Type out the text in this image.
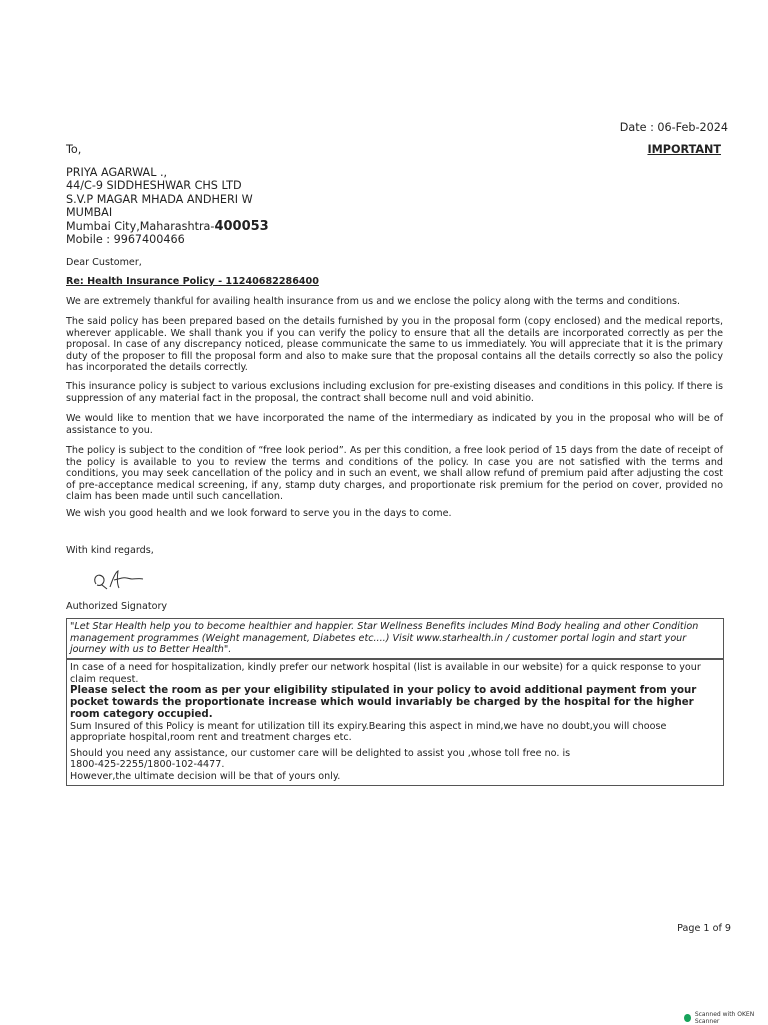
Date : 06-Feb-2024
IMPORTANT
To,
PRIYA AGARWAL .,
44/C-9 SIDDHESHWAR CHS LTD
S.V.P MAGAR MHADA ANDHERI W
MUMBAI
Mumbai City,Maharashtra-400053
Mobile : 9967400466
Dear Customer,
Re: Health Insurance Policy - 11240682286400
We are extremely thankful for availing health insurance from us and we enclose the policy along with the terms and conditions.
The said policy has been prepared based on the details furnished by you in the proposal form (copy enclosed) and the medical reports, wherever applicable. We shall thank you if you can verify the policy to ensure that all the details are incorporated correctly as per the proposal. In case of any discrepancy noticed, please communicate the same to us immediately. You will appreciate that it is the primary duty of the proposer to fill the proposal form and also to make sure that the proposal contains all the details correctly so also the policy has incorporated the details correctly.
This insurance policy is subject to various exclusions including exclusion for pre-existing diseases and conditions in this policy. If there is suppression of any material fact in the proposal, the contract shall become null and void abinitio.
We would like to mention that we have incorporated the name of the intermediary as indicated by you in the proposal who will be of assistance to you.
The policy is subject to the condition of “free look period”. As per this condition, a free look period of 15 days from the date of receipt of the policy is available to you to review the terms and conditions of the policy. In case you are not satisfied with the terms and conditions, you may seek cancellation of the policy and in such an event, we shall allow refund of premium paid after adjusting the cost of pre-acceptance medical screening, if any, stamp duty charges, and proportionate risk premium for the period on cover, provided no claim has been made until such cancellation.
We wish you good health and we look forward to serve you in the days to come.
With kind regards,
Authorized Signatory

"Let Star Health help you to become healthier and happier. Star Wellness Benefits includes Mind Body healing and other Condition management programmes (Weight management, Diabetes etc....) Visit www.starhealth.in / customer portal login and start your journey with us to Better Health".

In case of a need for hospitalization, kindly prefer our network hospital (list is available in our website) for a quick response to your claim request.

Please select the room as per your eligibility stipulated in your policy to avoid additional payment from your pocket towards the proportionate increase which would invariably be charged by the hospital for the higher room category occupied.

Sum Insured of this Policy is meant for utilization till its expiry.Bearing this aspect in mind,we have no doubt,you will choose appropriate hospital,room rent and treatment charges etc.

Should you need any assistance, our customer care will be delighted to assist you ,whose toll free no. is

1800-425-2255/1800-102-4477.

However,the ultimate decision will be that of yours only.

Page 1 of 9
Scanned with OKEN Scanner
